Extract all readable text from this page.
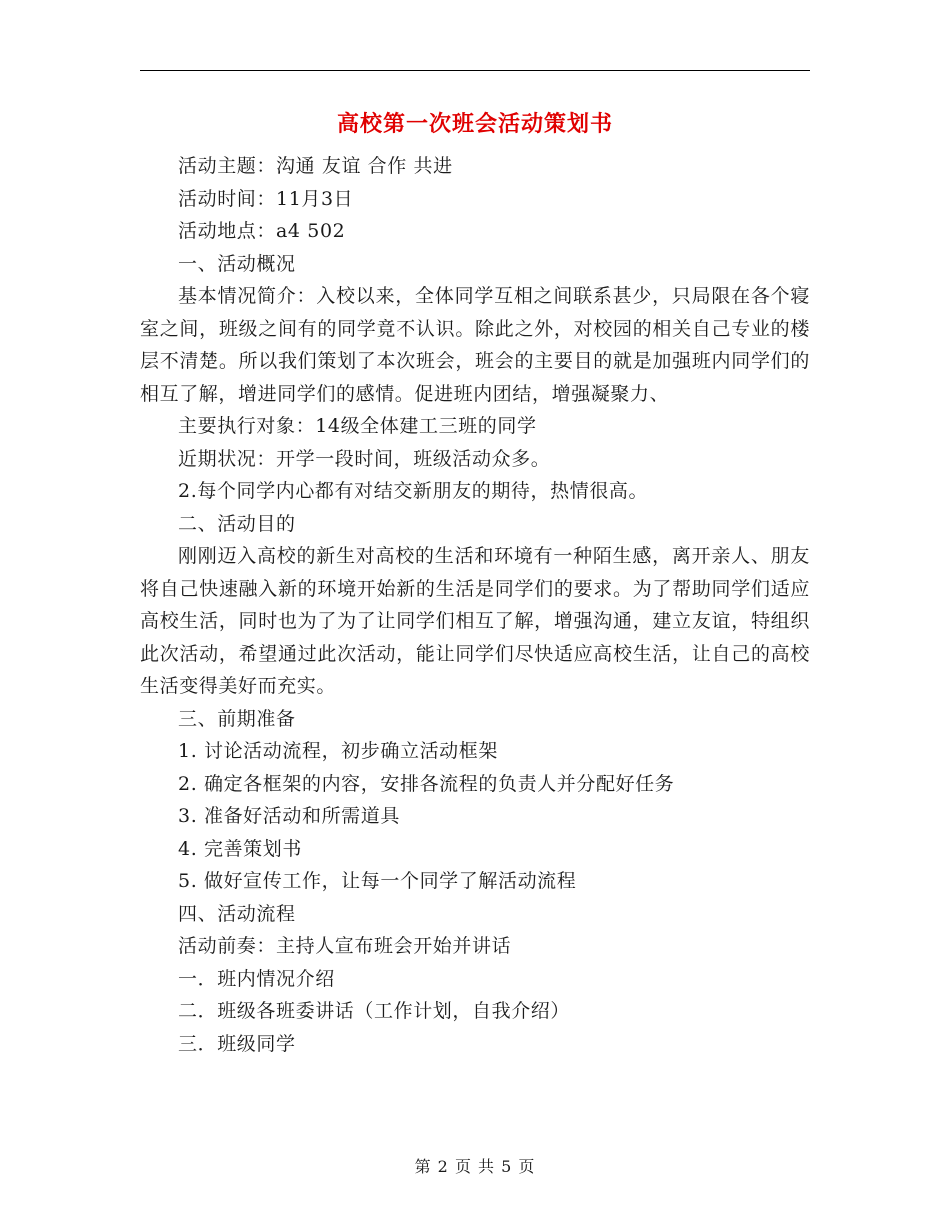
高校第一次班会活动策划书

活动主题：沟通 友谊 合作 共进

活动时间：11月3日

活动地点：a4 502

一、活动概况

基本情况简介：入校以来，全体同学互相之间联系甚少，只局限在各个寝室之间，班级之间有的同学竟不认识。除此之外，对校园的相关自己专业的楼层不清楚。所以我们策划了本次班会，班会的主要目的就是加强班内同学们的相互了解，增进同学们的感情。促进班内团结，增强凝聚力、

主要执行对象：14级全体建工三班的同学

近期状况：开学一段时间，班级活动众多。

2.每个同学内心都有对结交新朋友的期待，热情很高。

二、活动目的

刚刚迈入高校的新生对高校的生活和环境有一种陌生感，离开亲人、朋友将自己快速融入新的环境开始新的生活是同学们的要求。为了帮助同学们适应高校生活，同时也为了为了让同学们相互了解，增强沟通，建立友谊，特组织此次活动，希望通过此次活动，能让同学们尽快适应高校生活，让自己的高校生活变得美好而充实。

三、前期准备

1. 讨论活动流程，初步确立活动框架

2. 确定各框架的内容，安排各流程的负责人并分配好任务

3. 准备好活动和所需道具

4. 完善策划书

5. 做好宣传工作，让每一个同学了解活动流程

四、活动流程

活动前奏：主持人宣布班会开始并讲话

一．班内情况介绍

二．班级各班委讲话（工作计划，自我介绍）

三．班级同学

第 2 页 共 5 页
